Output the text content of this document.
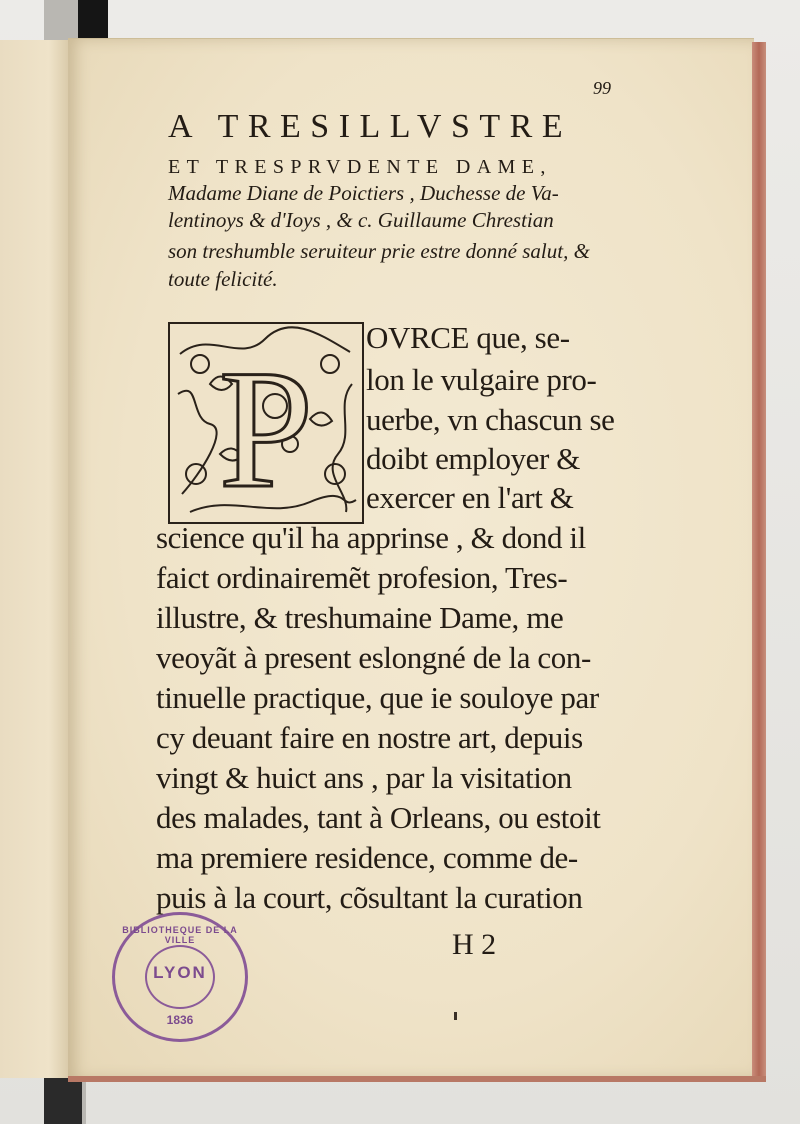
99
A TRESILLVSTRE
ET TRESPRVDENTE DAME,
Madame Diane de Poictiers , Duchesse de Va-
lentinoys & d'Ioys , & c. Guillaume Chrestian
son treshumble seruiteur prie estre donné salut, &
toute felicité.
P OVRCE que, se-
lon le vulgaire pro-
uerbe, vn chascun se
doibt employer &
exercer en l'art &
science qu'il ha apprinse , & dond il
faict ordinairemẽt profesion, Tres-
illustre, & treshumaine Dame, me
veoyãt à present eslongné de la con-
tinuelle practique, que ie souloye par
cy deuant faire en nostre art, depuis
vingt & huict ans , par la visitation
des malades, tant à Orleans, ou estoit
ma premiere residence, comme de-
puis à la court, cõsultant la curation
H 2
BIBLIOTHEQUE DE LA VILLE
LYON
1836
